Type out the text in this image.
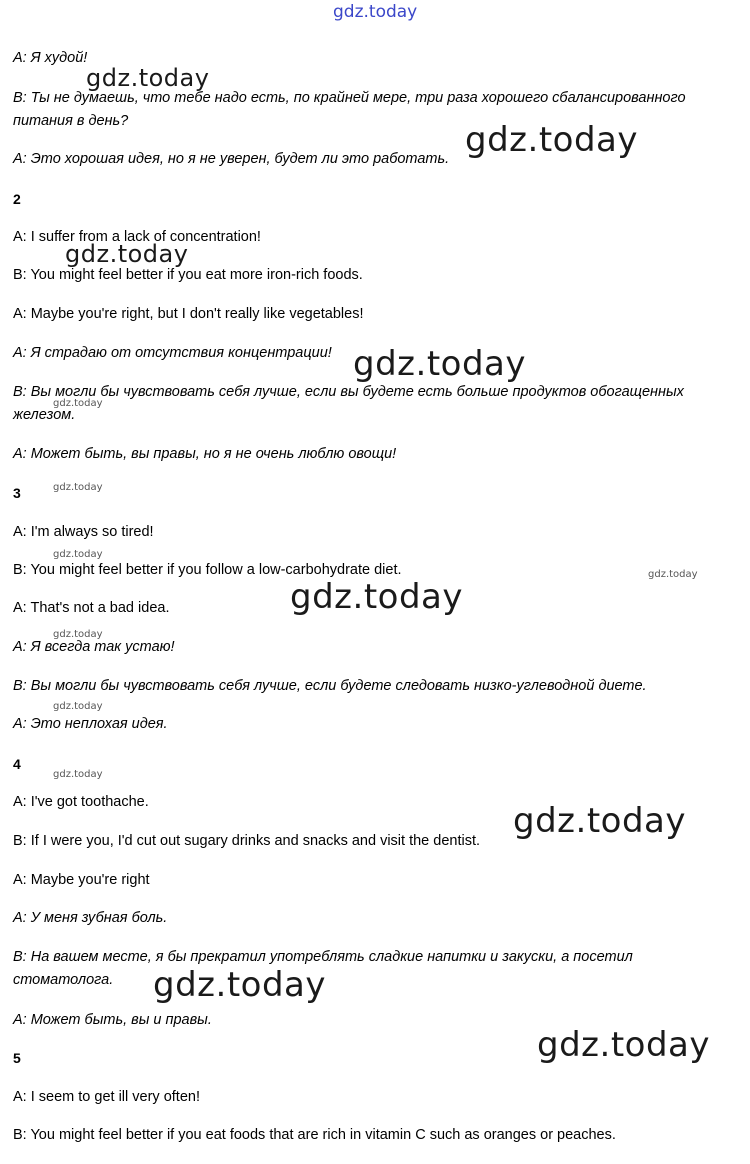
gdz.today
A: Я худой!
B: Ты не думаешь, что тебе надо есть, по крайней мере, три раза хорошего сбалансированного питания в день?
A: Это хорошая идея, но я не уверен, будет ли это работать.
2
A: I suffer from a lack of concentration!
B: You might feel better if you eat more iron-rich foods.
A: Maybe you're right, but I don't really like vegetables!
A: Я страдаю от отсутствия концентрации!
B: Вы могли бы чувствовать себя лучше, если вы будете есть больше продуктов обогащенных железом.
A: Может быть, вы правы, но я не очень люблю овощи!
3
A: I'm always so tired!
B: You might feel better if you follow a low-carbohydrate diet.
A: That's not a bad idea.
A: Я всегда так устаю!
B: Вы могли бы чувствовать себя лучше, если будете следовать низко-углеводной диете.
A: Это неплохая идея.
4
A: I've got toothache.
B: If I were you, I'd cut out sugary drinks and snacks and visit the dentist.
A: Maybe you're right
A: У меня зубная боль.
B: На вашем месте, я бы прекратил употреблять сладкие напитки и закуски, а посетил стоматолога.
A: Может быть, вы и правы.
5
A: I seem to get ill very often!
B: You might feel better if you eat foods that are rich in vitamin C such as oranges or peaches.
gdz.today
gdz.today
gdz.today
gdz.today
gdz.today
gdz.today
gdz.today
gdz.today
gdz.today
gdz.today
gdz.today
gdz.today
gdz.today
gdz.today
gdz.today
